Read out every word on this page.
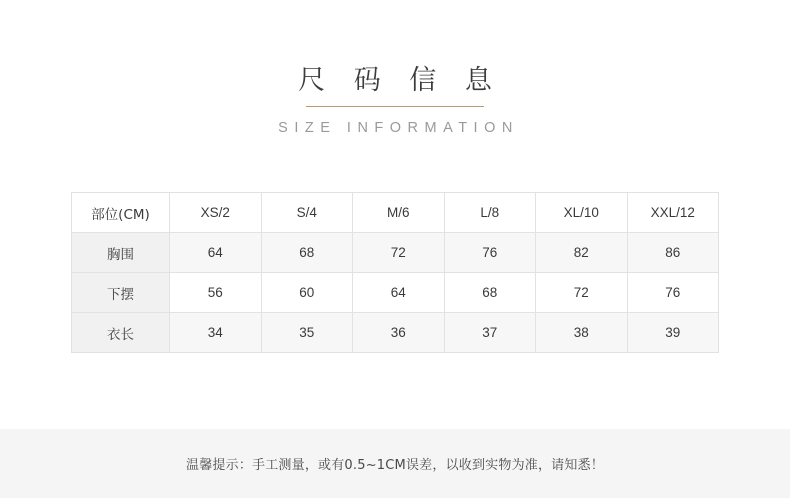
尺 码 信 息
SIZE INFORMATION
部位(CM)	XS/2	S/4	M/6	L/8	XL/10	XXL/12
胸围	64	68	72	76	82	86
下摆	56	60	64	68	72	76
衣长	34	35	36	37	38	39
温馨提示：手工测量，或有0.5~1CM误差，以收到实物为准，请知悉！
